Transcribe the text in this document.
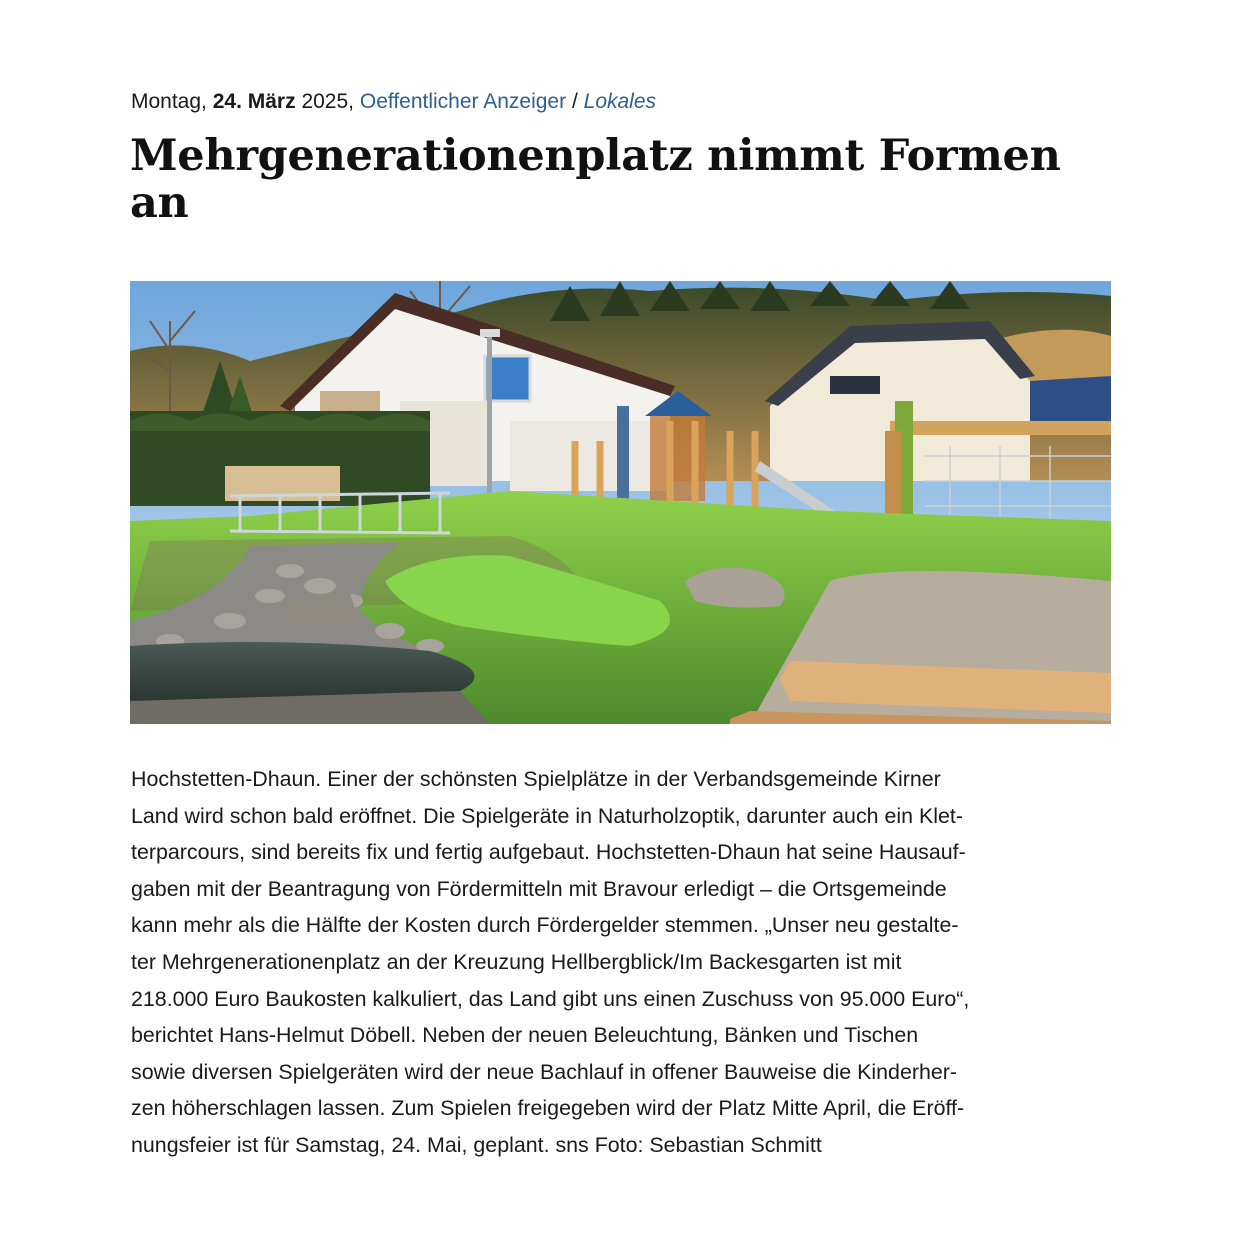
Montag, 24. März 2025, Oeffentlicher Anzeiger / Lokales
Mehrgenerationenplatz nimmt Formen
an
Hochstetten-Dhaun. Einer der schönsten Spielplätze in der Verbandsgemeinde Kirner
Land wird schon bald eröffnet. Die Spielgeräte in Naturholzoptik, darunter auch ein Klet-
terparcours, sind bereits fix und fertig aufgebaut. Hochstetten-Dhaun hat seine Hausauf-
gaben mit der Beantragung von Fördermitteln mit Bravour erledigt – die Ortsgemeinde
kann mehr als die Hälfte der Kosten durch Fördergelder stemmen. „Unser neu gestalte-
ter Mehrgenerationenplatz an der Kreuzung Hellbergblick/Im Backesgarten ist mit
218.000 Euro Baukosten kalkuliert, das Land gibt uns einen Zuschuss von 95.000 Euro“,
berichtet Hans-Helmut Döbell. Neben der neuen Beleuchtung, Bänken und Tischen
sowie diversen Spielgeräten wird der neue Bachlauf in offener Bauweise die Kinderher-
zen höherschlagen lassen. Zum Spielen freigegeben wird der Platz Mitte April, die Eröff-
nungsfeier ist für Samstag, 24. Mai, geplant. sns Foto: Sebastian Schmitt
